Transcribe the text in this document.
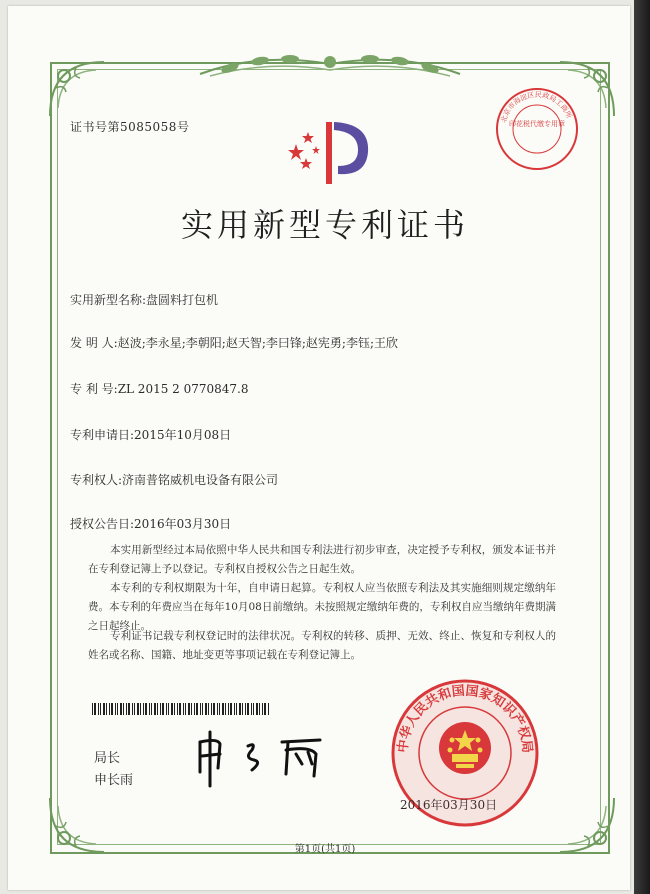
证书号第5085058号
实用新型专利证书
北京市海淀区民政局工商所
印花税代缴专用章
实用新型名称:盘圆料打包机
发 明 人:赵波;李永星;李朝阳;赵天智;李曰锋;赵宪勇;李钰;王欣
专 利 号:ZL 2015 2 0770847.8
专利申请日:2015年10月08日
专利权人:济南普铭威机电设备有限公司
授权公告日:2016年03月30日
本实用新型经过本局依照中华人民共和国专利法进行初步审查，决定授予专利权，颁发本证书并在专利登记簿上予以登记。专利权自授权公告之日起生效。
本专利的专利权期限为十年，自申请日起算。专利权人应当依照专利法及其实施细则规定缴纳年费。本专利的年费应当在每年10月08日前缴纳。未按照规定缴纳年费的，专利权自应当缴纳年费期满之日起终止。
专利证书记载专利权登记时的法律状况。专利权的转移、质押、无效、终止、恢复和专利权人的姓名或名称、国籍、地址变更等事项记载在专利登记簿上。
局长
申长雨
中华人民共和国国家知识产权局
2016年03月30日
第1页(共1页)
